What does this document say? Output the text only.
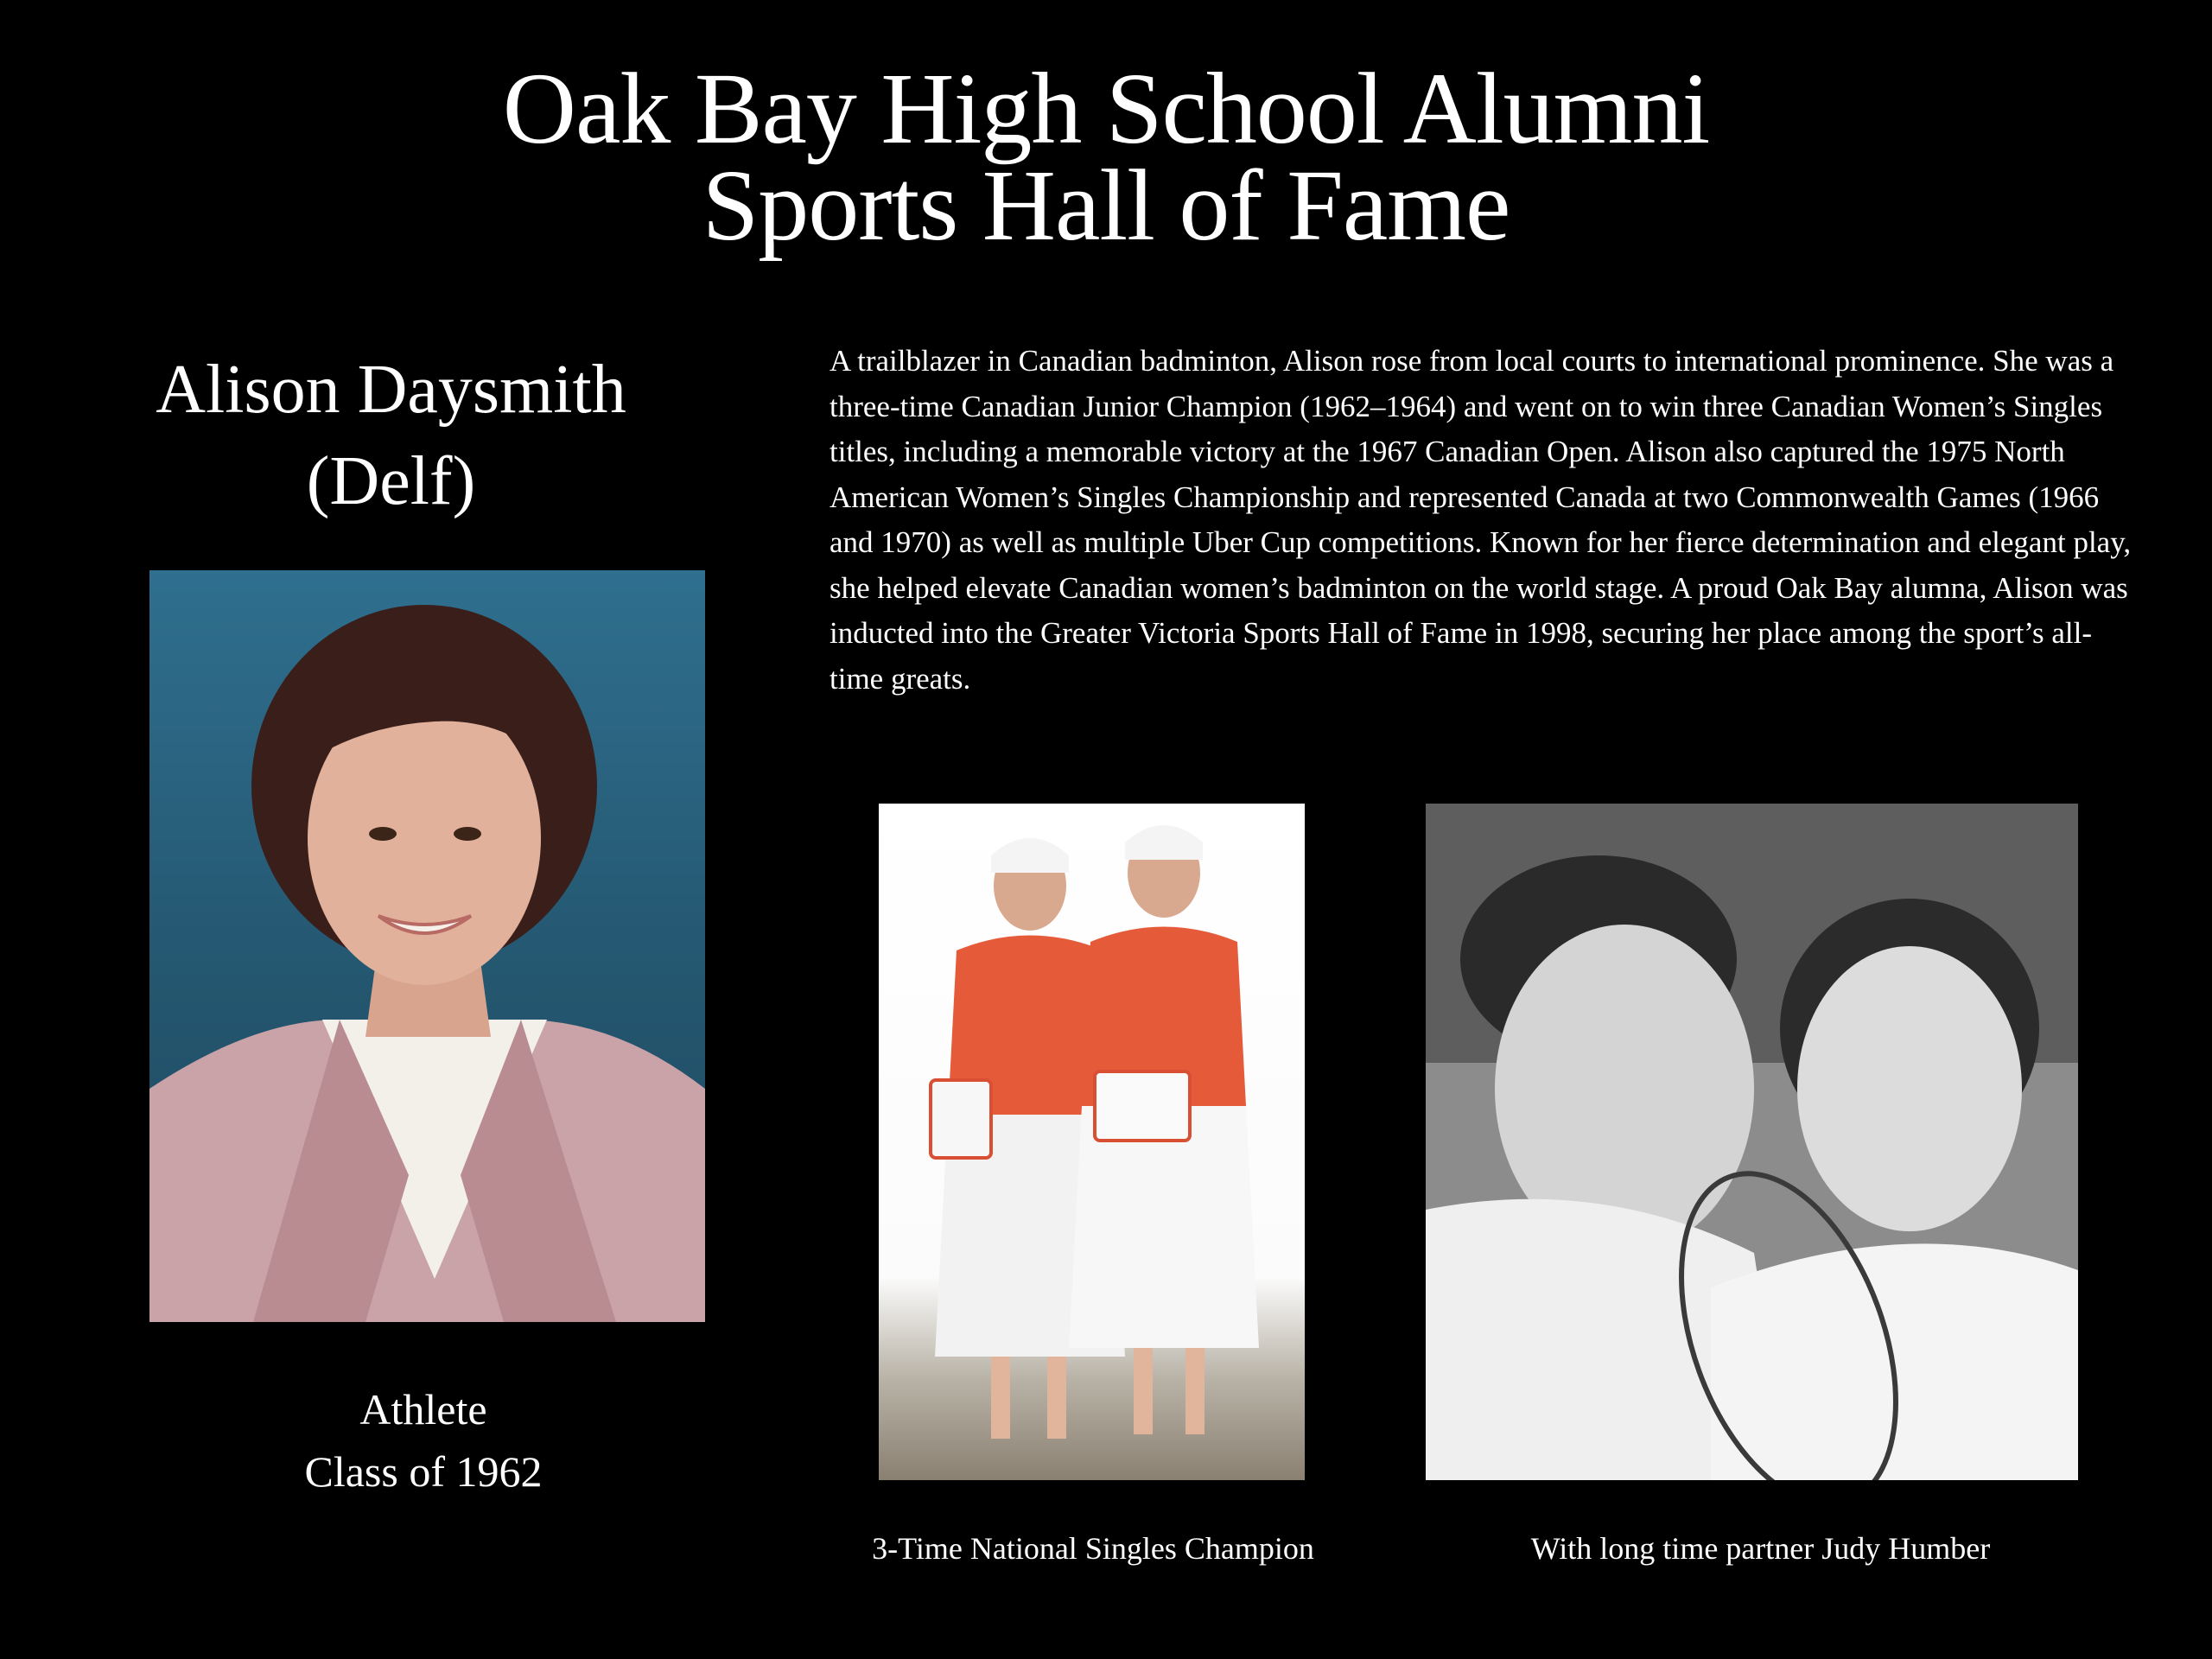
Oak Bay High School Alumni
Sports Hall of Fame
Alison Daysmith
(Delf)

A trailblazer in Canadian badminton, Alison rose from local courts to international prominence. She was a three-time Canadian Junior Champion (1962–1964) and went on to win three Canadian Women’s Singles titles, including a memorable victory at the 1967 Canadian Open. Alison also captured the 1975 North American Women’s Singles Championship and represented Canada at two Commonwealth Games (1966 and 1970) as well as multiple Uber Cup competitions. Known for her fierce determination and elegant play, she helped elevate Canadian women’s badminton on the world stage. A proud Oak Bay alumna, Alison was inducted into the Greater Victoria Sports Hall of Fame in 1998, securing her place among the sport’s all-time greats.

Athlete
Class of 1962
3-Time National Singles Champion	With long time partner Judy Humber
